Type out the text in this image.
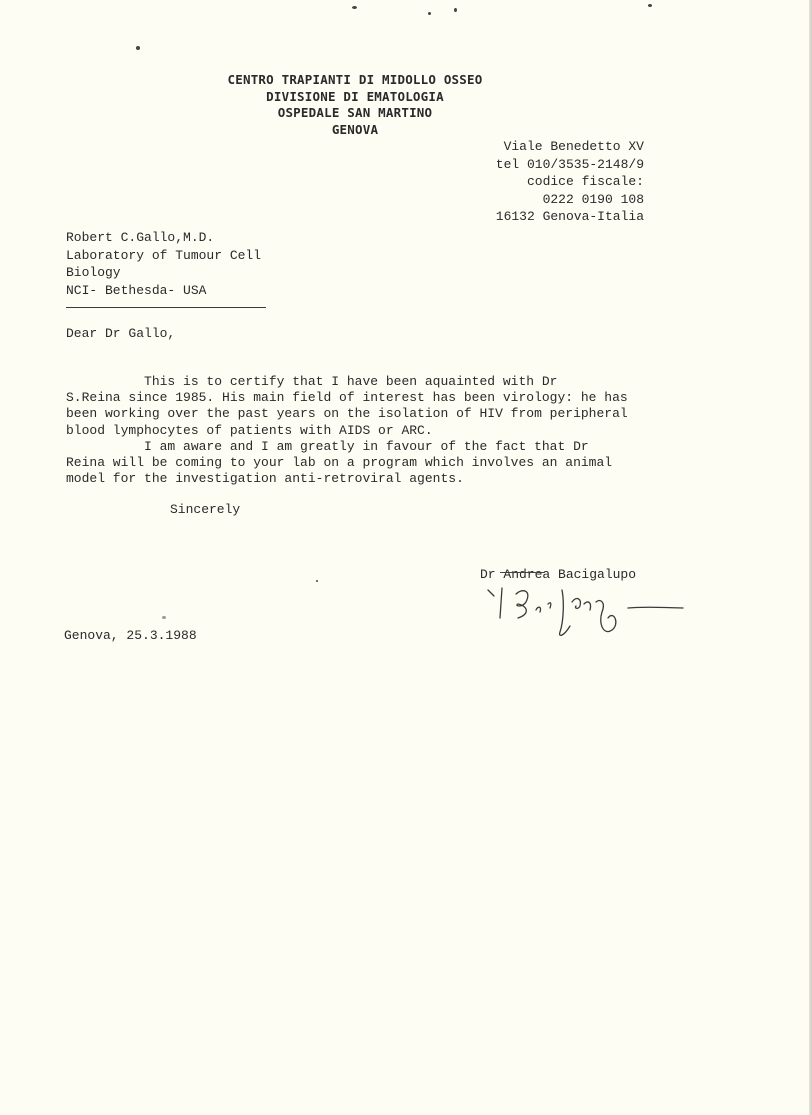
CENTRO TRAPIANTI DI MIDOLLO OSSEO
DIVISIONE DI EMATOLOGIA
OSPEDALE SAN MARTINO
GENOVA
Viale Benedetto XV
tel 010/3535-2148/9
codice fiscale:
0222 0190 108
16132 Genova-Italia
Robert C.Gallo,M.D.
Laboratory of Tumour Cell
Biology
NCI- Bethesda- USA
Dear Dr Gallo,
This is to certify that I have been aquainted with Dr
S.Reina since 1985. His main field of interest has been virology: he has
been working over the past years on the isolation of HIV from peripheral
blood lymphocytes of patients with AIDS or ARC.
I am aware and I am greatly in favour of the fact that Dr
Reina will be coming to your lab on a program which involves an animal
model for the investigation anti-retroviral agents.
Sincerely
Dr Andrea Bacigalupo
Genova, 25.3.1988
